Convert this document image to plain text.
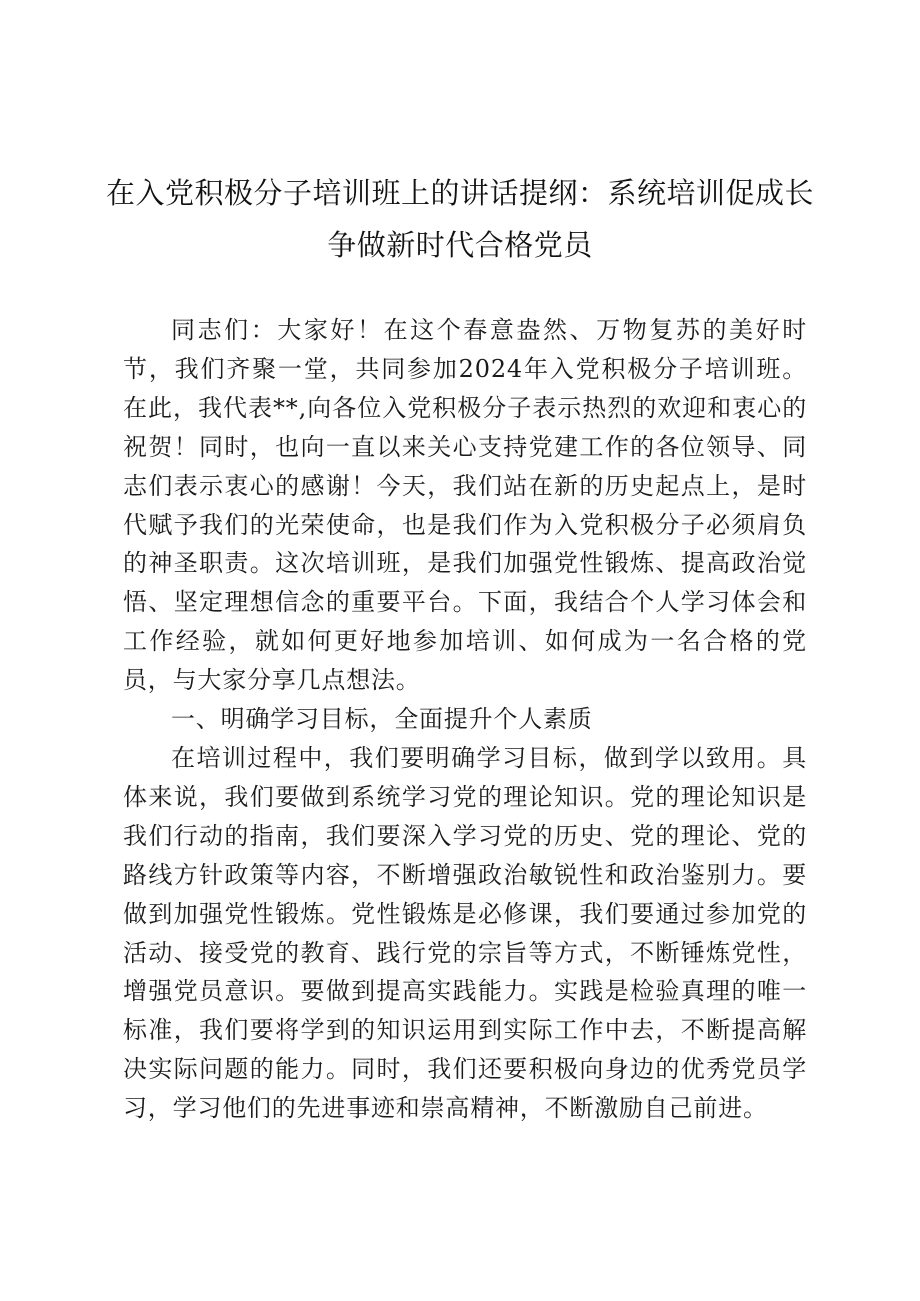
在入党积极分子培训班上的讲话提纲：系统培训促成长
争做新时代合格党员

同志们：大家好！在这个春意盎然、万物复苏的美好时节，我们齐聚一堂，共同参加2024年入党积极分子培训班。在此，我代表**,向各位入党积极分子表示热烈的欢迎和衷心的祝贺！同时，也向一直以来关心支持党建工作的各位领导、同志们表示衷心的感谢！今天，我们站在新的历史起点上，是时代赋予我们的光荣使命，也是我们作为入党积极分子必须肩负的神圣职责。这次培训班，是我们加强党性锻炼、提高政治觉悟、坚定理想信念的重要平台。下面，我结合个人学习体会和工作经验，就如何更好地参加培训、如何成为一名合格的党员，与大家分享几点想法。

一、明确学习目标，全面提升个人素质

在培训过程中，我们要明确学习目标，做到学以致用。具体来说，我们要做到系统学习党的理论知识。党的理论知识是我们行动的指南，我们要深入学习党的历史、党的理论、党的路线方针政策等内容，不断增强政治敏锐性和政治鉴别力。要做到加强党性锻炼。党性锻炼是必修课，我们要通过参加党的活动、接受党的教育、践行党的宗旨等方式，不断锤炼党性，增强党员意识。要做到提高实践能力。实践是检验真理的唯一标准，我们要将学到的知识运用到实际工作中去，不断提高解决实际问题的能力。同时，我们还要积极向身边的优秀党员学习，学习他们的先进事迹和崇高精神，不断激励自己前进。
